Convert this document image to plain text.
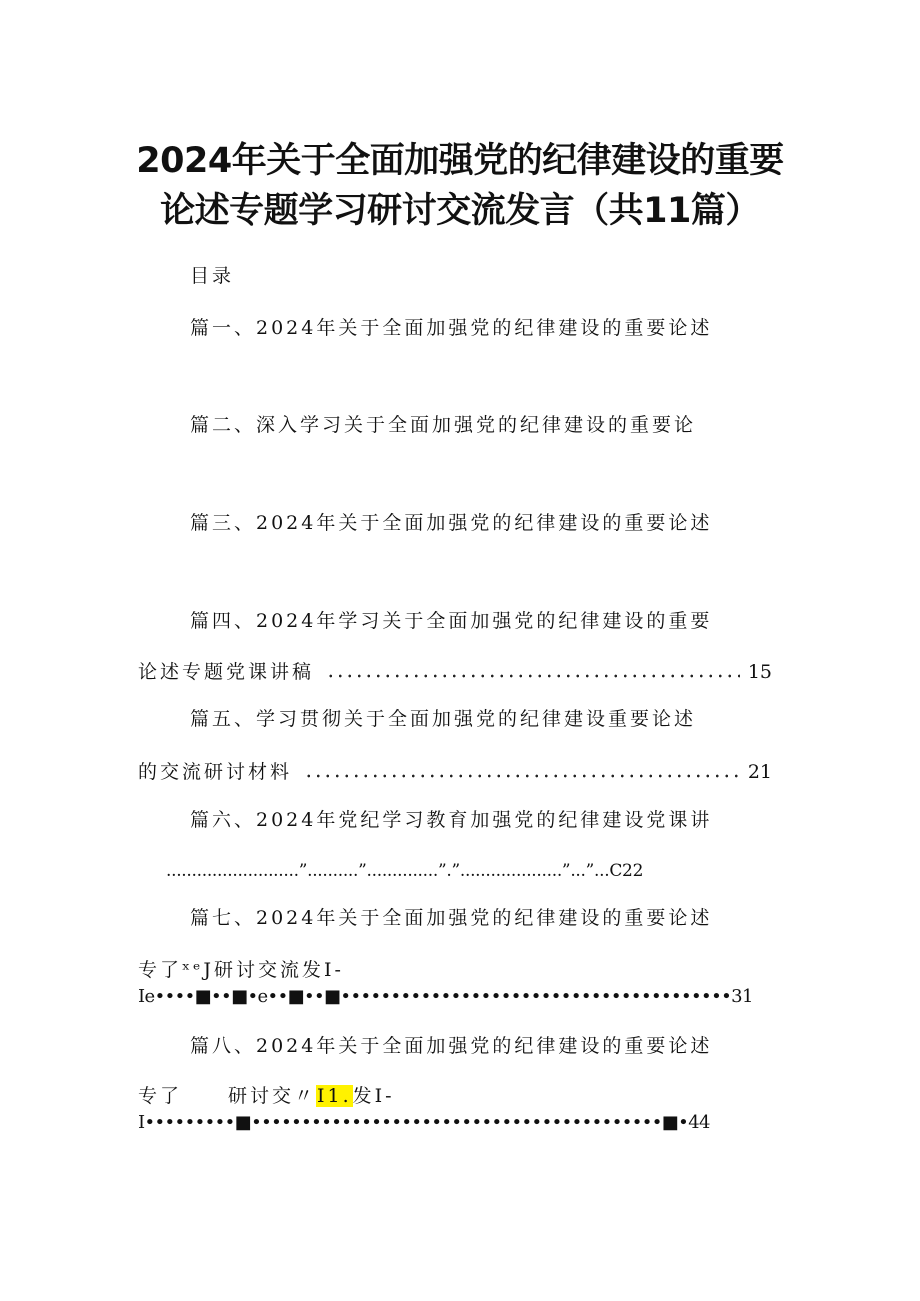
2024年关于全面加强党的纪律建设的重要
论述专题学习研讨交流发言（共11篇）
目录
篇一、2024年关于全面加强党的纪律建设的重要论述
篇二、深入学习关于全面加强党的纪律建设的重要论
篇三、2024年关于全面加强党的纪律建设的重要论述
篇四、2024年学习关于全面加强党的纪律建设的重要
论述专题党课讲稿	15
篇五、学习贯彻关于全面加强党的纪律建设重要论述
的交流研讨材料	21
篇六、2024年党纪学习教育加强党的纪律建设党课讲
..........................”..........”..............”.”....................”...”...C22
篇七、2024年关于全面加强党的纪律建设的重要论述
专了ˣᵉJ研讨交流发I-
Ie••••■••■•e••■••■•••••••••••••••••••••••••••••••••••••••31
篇八、2024年关于全面加强党的纪律建设的重要论述
专了 研讨交〃I1.发I-
I•••••••••■•••••••••••••••••••••••••••••••••••••••••■•44
